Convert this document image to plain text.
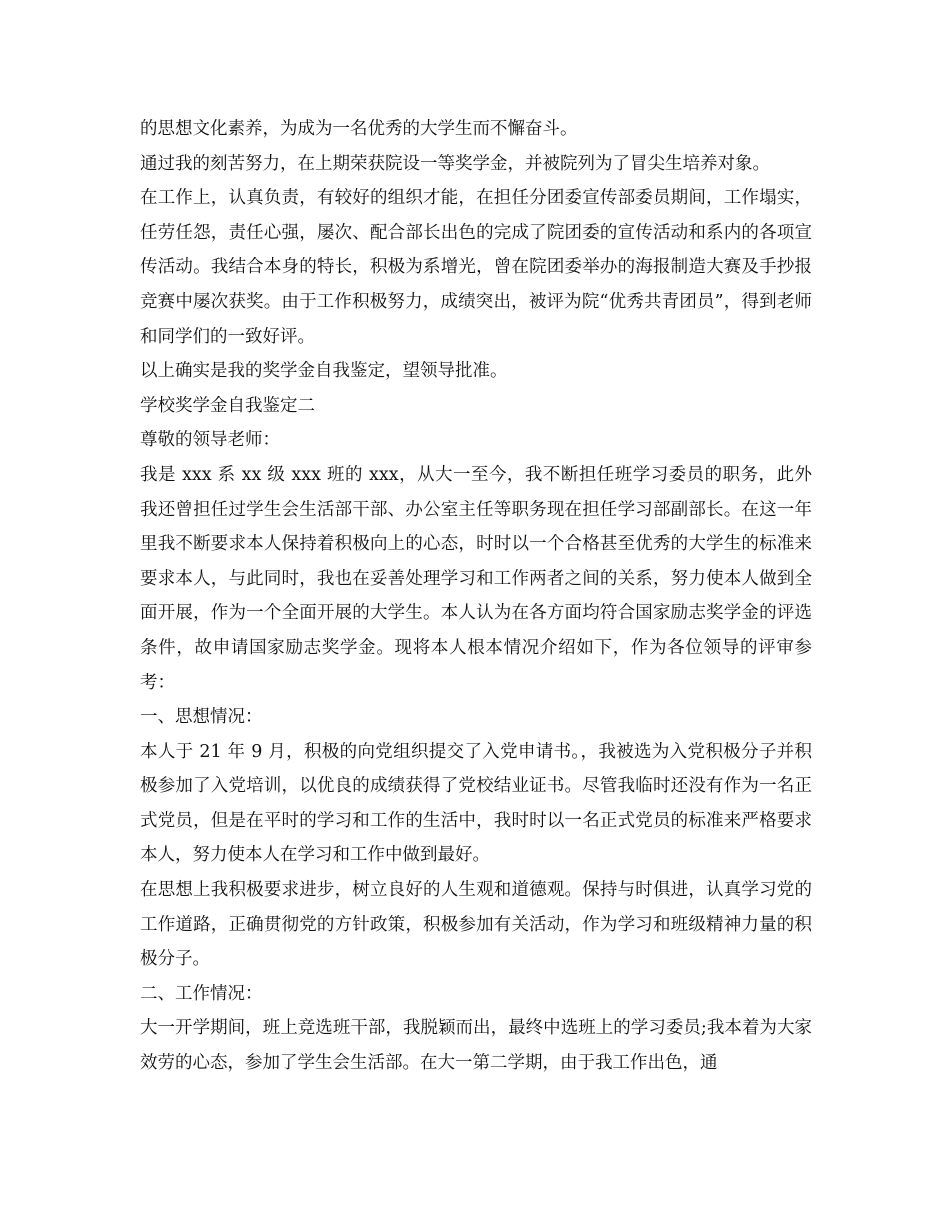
的思想文化素养，为成为一名优秀的大学生而不懈奋斗。

通过我的刻苦努力，在上期荣获院设一等奖学金，并被院列为了冒尖生培养对象。

在工作上，认真负责，有较好的组织才能，在担任分团委宣传部委员期间，工作塌实，任劳任怨，责任心强，屡次、配合部长出色的完成了院团委的宣传活动和系内的各项宣传活动。我结合本身的特长，积极为系增光，曾在院团委举办的海报制造大赛及手抄报竞赛中屡次获奖。由于工作积极努力，成绩突出，被评为院“优秀共青团员”，得到老师和同学们的一致好评。

以上确实是我的奖学金自我鉴定，望领导批准。

学校奖学金自我鉴定二

尊敬的领导老师：

我是 xxx 系 xx 级 xxx 班的 xxx，从大一至今，我不断担任班学习委员的职务，此外我还曾担任过学生会生活部干部、办公室主任等职务现在担任学习部副部长。在这一年里我不断要求本人保持着积极向上的心态，时时以一个合格甚至优秀的大学生的标准来要求本人，与此同时，我也在妥善处理学习和工作两者之间的关系，努力使本人做到全面开展，作为一个全面开展的大学生。本人认为在各方面均符合国家励志奖学金的评选条件，故申请国家励志奖学金。现将本人根本情况介绍如下，作为各位领导的评审参考：

一、思想情况：

本人于 21 年 9 月，积极的向党组织提交了入党申请书。，我被选为入党积极分子并积极参加了入党培训，以优良的成绩获得了党校结业证书。尽管我临时还没有作为一名正式党员，但是在平时的学习和工作的生活中，我时时以一名正式党员的标准来严格要求本人，努力使本人在学习和工作中做到最好。

在思想上我积极要求进步，树立良好的人生观和道德观。保持与时俱进，认真学习党的工作道路，正确贯彻党的方针政策，积极参加有关活动，作为学习和班级精神力量的积极分子。

二、工作情况：

大一开学期间，班上竞选班干部，我脱颖而出，最终中选班上的学习委员;我本着为大家效劳的心态，参加了学生会生活部。在大一第二学期，由于我工作出色，通
